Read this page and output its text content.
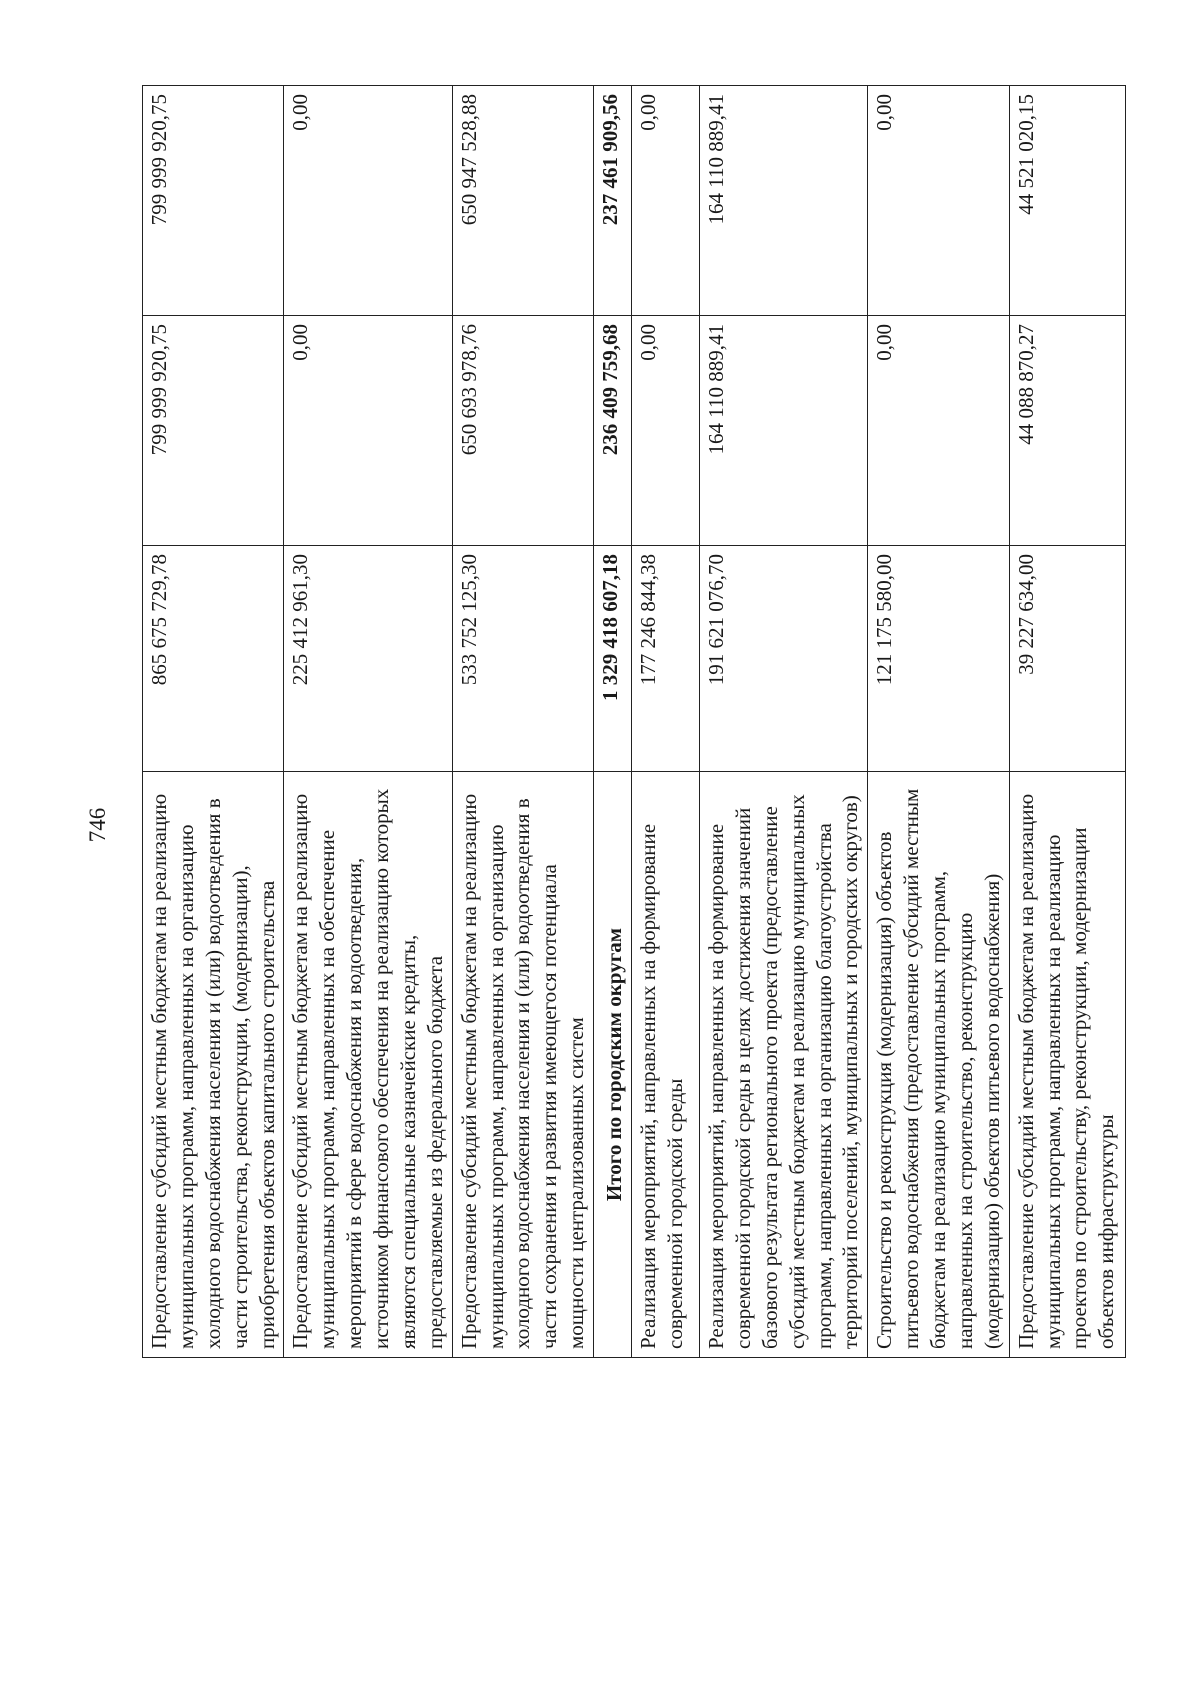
746 Предоставление субсидий местным бюджетам на реализацию муниципальных программ, направленных на организацию холодного водоснабжения населения и (или) водоотведения в части строительства, реконструкции, (модернизации), приобретения объектов капитального строительства	865 675 729,78	799 999 920,75	799 999 920,75
Предоставление субсидий местным бюджетам на реализацию муниципальных программ, направленных на обеспечение мероприятий в сфере водоснабжения и водоотведения, источником финансового обеспечения на реализацию которых являются специальные казначейские кредиты, предоставляемые из федерального бюджета	225 412 961,30	0,00	0,00
Предоставление субсидий местным бюджетам на реализацию муниципальных программ, направленных на организацию холодного водоснабжения населения и (или) водоотведения в части сохранения и развития имеющегося потенциала мощности централизованных систем	533 752 125,30	650 693 978,76	650 947 528,88
Итого по городским округам	1 329 418 607,18	236 409 759,68	237 461 909,56
Реализация мероприятий, направленных на формирование современной городской среды	177 246 844,38	0,00	0,00
Реализация мероприятий, направленных на формирование современной городской среды в целях достижения значений базового результата регионального проекта (предоставление субсидий местным бюджетам на реализацию муниципальных программ, направленных на организацию благоустройства территорий поселений, муниципальных и городских округов)	191 621 076,70	164 110 889,41	164 110 889,41
Строительство и реконструкция (модернизация) объектов питьевого водоснабжения (предоставление субсидий местным бюджетам на реализацию муниципальных программ, направленных на строительство, реконструкцию (модернизацию) объектов питьевого водоснабжения)	121 175 580,00	0,00	0,00
Предоставление субсидий местным бюджетам на реализацию муниципальных программ, направленных на реализацию проектов по строительству, реконструкции, модернизации объектов инфраструктуры	39 227 634,00	44 088 870,27	44 521 020,15
